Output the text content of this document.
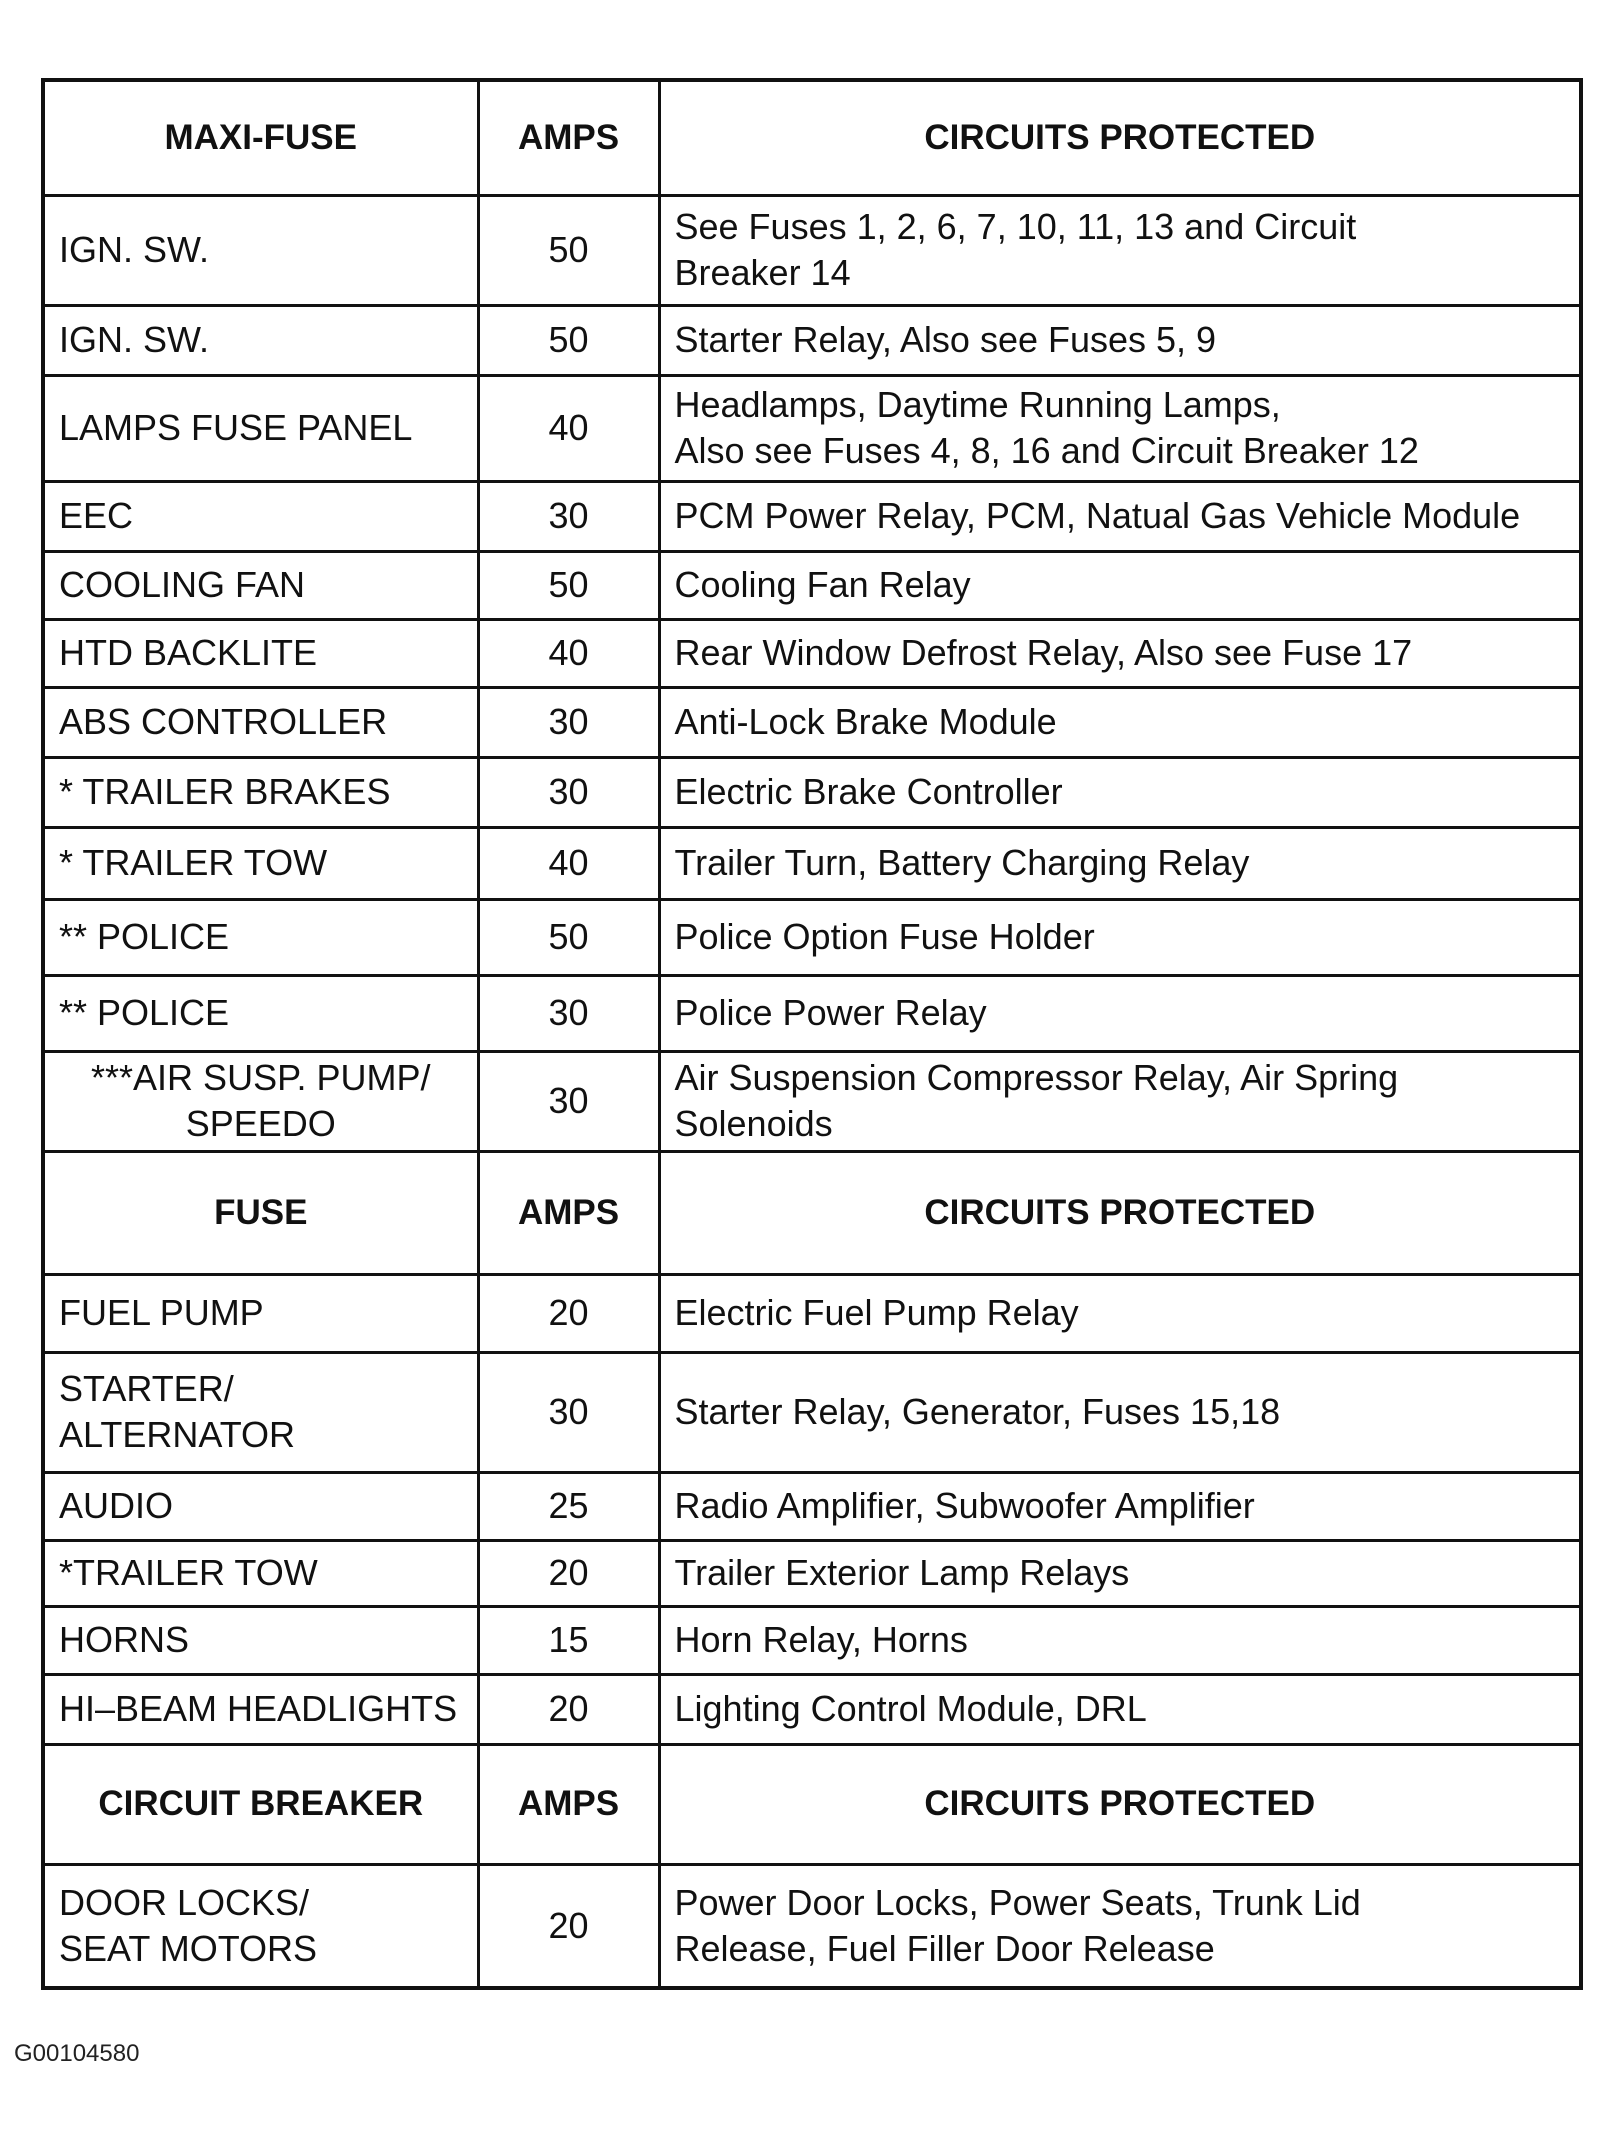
MAXI-FUSE	AMPS	CIRCUITS PROTECTED
IGN. SW.	50	See Fuses 1, 2, 6, 7, 10, 11, 13 and Circuit
Breaker 14
IGN. SW.	50	Starter Relay, Also see Fuses 5, 9
LAMPS FUSE PANEL	40	Headlamps, Daytime Running Lamps,
Also see Fuses 4, 8, 16 and Circuit Breaker 12
EEC	30	PCM Power Relay, PCM, Natual Gas Vehicle Module
COOLING FAN	50	Cooling Fan Relay
HTD BACKLITE	40	Rear Window Defrost Relay, Also see Fuse 17
ABS CONTROLLER	30	Anti-Lock Brake Module
* TRAILER BRAKES	30	Electric Brake Controller
* TRAILER TOW	40	Trailer Turn, Battery Charging Relay
** POLICE	50	Police Option Fuse Holder
** POLICE	30	Police Power Relay
***AIR SUSP. PUMP/
SPEEDO	30	Air Suspension Compressor Relay, Air Spring
Solenoids
FUSE	AMPS	CIRCUITS PROTECTED
FUEL PUMP	20	Electric Fuel Pump Relay
STARTER/
ALTERNATOR	30	Starter Relay, Generator, Fuses 15,18
AUDIO	25	Radio Amplifier, Subwoofer Amplifier
*TRAILER TOW	20	Trailer Exterior Lamp Relays
HORNS	15	Horn Relay, Horns
HI–BEAM HEADLIGHTS	20	Lighting Control Module, DRL
CIRCUIT BREAKER	AMPS	CIRCUITS PROTECTED
DOOR LOCKS/
SEAT MOTORS	20	Power Door Locks, Power Seats, Trunk Lid
Release, Fuel Filler Door Release
G00104580
